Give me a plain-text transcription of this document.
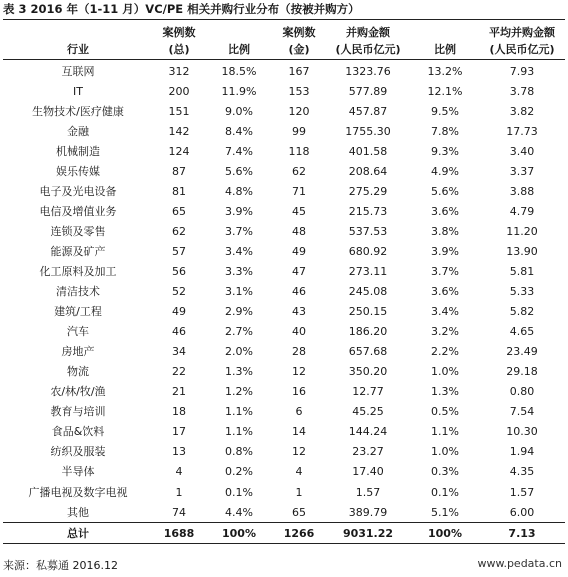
表 3 2016 年（1-11 月）VC/PE 相关并购行业分布（按被并购方）
	案例数		案例数	并购金额		平均并购金额
行业	(总)	比例	(金)	(人民币亿元)	比例	(人民币亿元)
互联网	312	18.5%	167	1323.76	13.2%	7.93
IT	200	11.9%	153	577.89	12.1%	3.78
生物技术/医疗健康	151	9.0%	120	457.87	9.5%	3.82
金融	142	8.4%	99	1755.30	7.8%	17.73
机械制造	124	7.4%	118	401.58	9.3%	3.40
娱乐传媒	87	5.6%	62	208.64	4.9%	3.37
电子及光电设备	81	4.8%	71	275.29	5.6%	3.88
电信及增值业务	65	3.9%	45	215.73	3.6%	4.79
连锁及零售	62	3.7%	48	537.53	3.8%	11.20
能源及矿产	57	3.4%	49	680.92	3.9%	13.90
化工原料及加工	56	3.3%	47	273.11	3.7%	5.81
清洁技术	52	3.1%	46	245.08	3.6%	5.33
建筑/工程	49	2.9%	43	250.15	3.4%	5.82
汽车	46	2.7%	40	186.20	3.2%	4.65
房地产	34	2.0%	28	657.68	2.2%	23.49
物流	22	1.3%	12	350.20	1.0%	29.18
农/林/牧/渔	21	1.2%	16	12.77	1.3%	0.80
教育与培训	18	1.1%	6	45.25	0.5%	7.54
食品&饮料	17	1.1%	14	144.24	1.1%	10.30
纺织及服装	13	0.8%	12	23.27	1.0%	1.94
半导体	4	0.2%	4	17.40	0.3%	4.35
广播电视及数字电视	1	0.1%	1	1.57	0.1%	1.57
其他	74	4.4%	65	389.79	5.1%	6.00
总计	1688	100%	1266	9031.22	100%	7.13
来源：私募通 2016.12	www.pedata.cn
